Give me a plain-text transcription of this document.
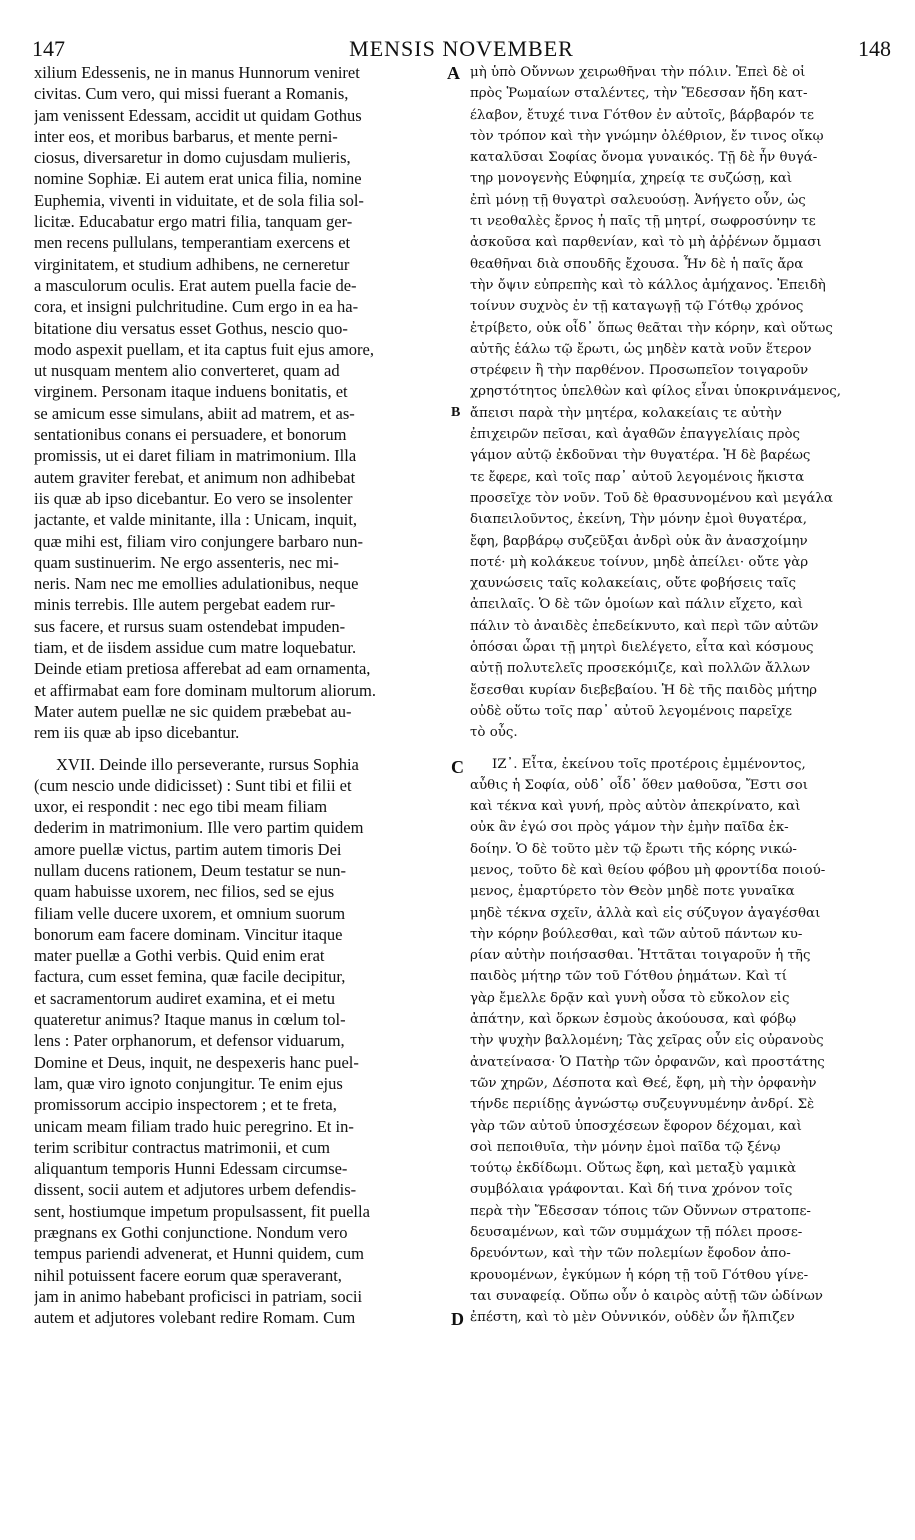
147	MENSIS NOVEMBER	148
xilium Edessenis, ne in manus Hunnorum veniret
civitas. Cum vero, qui missi fuerant a Romanis,
jam venissent Edessam, accidit ut quidam Gothus
inter eos, et moribus barbarus, et mente perni-
ciosus, diversaretur in domo cujusdam mulieris,
nomine Sophiæ. Ei autem erat unica filia, nomine
Euphemia, viventi in viduitate, et de sola filia sol-
licitæ. Educabatur ergo matri filia, tanquam ger-
men recens pullulans, temperantiam exercens et
virginitatem, et studium adhibens, ne cerneretur
a masculorum oculis. Erat autem puella facie de-
cora, et insigni pulchritudine. Cum ergo in ea ha-
bitatione diu versatus esset Gothus, nescio quo-
modo aspexit puellam, et ita captus fuit ejus amore,
ut nusquam mentem alio converteret, quam ad
virginem. Personam itaque induens bonitatis, et
se amicum esse simulans, abiit ad matrem, et as-
sentationibus conans ei persuadere, et bonorum
promissis, ut ei daret filiam in matrimonium. Illa
autem graviter ferebat, et animum non adhibebat
iis quæ ab ipso dicebantur. Eo vero se insolenter
jactante, et valde minitante, illa : Unicam, inquit,
quæ mihi est, filiam viro conjungere barbaro nun-
quam sustinuerim. Ne ergo assenteris, nec mi-
neris. Nam nec me emollies adulationibus, neque
minis terrebis. Ille autem pergebat eadem rur-
sus facere, et rursus suam ostendebat impuden-
tiam, et de iisdem assidue cum matre loquebatur.
Deinde etiam pretiosa afferebat ad eam ornamenta,
et affirmabat eam fore dominam multorum aliorum.
Mater autem puellæ ne sic quidem præbebat au-
rem iis quæ ab ipso dicebantur.
XVII. Deinde illo perseverante, rursus Sophia
(cum nescio unde didicisset) : Sunt tibi et filii et
uxor, ei respondit : nec ego tibi meam filiam
dederim in matrimonium. Ille vero partim quidem
amore puellæ victus, partim autem timoris Dei
nullam ducens rationem, Deum testatur se nun-
quam habuisse uxorem, nec filios, sed se ejus
filiam velle ducere uxorem, et omnium suorum
bonorum eam facere dominam. Vincitur itaque
mater puellæ a Gothi verbis. Quid enim erat
factura, cum esset femina, quæ facile decipitur,
et sacramentorum audiret examina, et ei metu
quateretur animus? Itaque manus in cœlum tol-
lens : Pater orphanorum, et defensor viduarum,
Domine et Deus, inquit, ne despexeris hanc puel-
lam, quæ viro ignoto conjungitur. Te enim ejus
promissorum accipio inspectorem ; et te freta,
unicam meam filiam trado huic peregrino. Et in-
terim scribitur contractus matrimonii, et cum
aliquantum temporis Hunni Edessam circumse-
dissent, socii autem et adjutores urbem defendis-
sent, hostiumque impetum propulsassent, fit puella
prægnans ex Gothi conjunctione. Nondum vero
tempus pariendi advenerat, et Hunni quidem, cum
nihil potuissent facere eorum quæ speraverant,
jam in animo habebant proficisci in patriam, socii
autem et adjutores volebant redire Romam. Cum
μὴ ὑπὸ Οὔννων χειρωθῆναι τὴν πόλιν. Ἐπεὶ δὲ οἱ
πρὸς Ῥωμαίων σταλέντες, τὴν Ἔδεσσαν ἤδη κατ-
έλαβον, ἔτυχέ τινα Γότθον ἐν αὐτοῖς, βάρβαρόν τε
τὸν τρόπον καὶ τὴν γνώμην ὀλέθριον, ἔν τινος οἴκῳ
καταλῦσαι Σοφίας ὄνομα γυναικός. Τῇ δὲ ἦν θυγά-
τηρ μονογενὴς Εὐφημία, χηρείᾳ τε συζώσῃ, καὶ
ἐπὶ μόνῃ τῇ θυγατρὶ σαλευούσῃ. Ἀνήγετο οὖν, ὡς
τι νεοθαλὲς ἔρνος ἡ παῖς τῇ μητρί, σωφροσύνην τε
ἀσκοῦσα καὶ παρθενίαν, καὶ τὸ μὴ ἀῤῥένων ὄμμασι
θεαθῆναι διὰ σπουδῆς ἔχουσα. Ἦν δὲ ἡ παῖς ἄρα
τὴν ὄψιν εὐπρεπὴς καὶ τὸ κάλλος ἀμήχανος. Ἐπειδὴ
τοίνυν συχνὸς ἐν τῇ καταγωγῇ τῷ Γότθῳ χρόνος
ἐτρίβετο, οὐκ οἶδ᾽ ὅπως θεᾶται τὴν κόρην, καὶ οὕτως
αὐτῆς ἑάλω τῷ ἔρωτι, ὡς μηδὲν κατὰ νοῦν ἕτερον
στρέφειν ἢ τὴν παρθένον. Προσωπεῖον τοιγαροῦν
χρηστότητος ὑπελθὼν καὶ φίλος εἶναι ὑποκρινάμενος,
ἄπεισι παρὰ τὴν μητέρα, κολακείαις τε αὐτὴν
ἐπιχειρῶν πεῖσαι, καὶ ἀγαθῶν ἐπαγγελίαις πρὸς
γάμον αὐτῷ ἐκδοῦναι τὴν θυγατέρα. Ἡ δὲ βαρέως
τε ἔφερε, καὶ τοῖς παρ᾽ αὐτοῦ λεγομένοις ἥκιστα
προσεῖχε τὸν νοῦν. Τοῦ δὲ θρασυνομένου καὶ μεγάλα
διαπειλοῦντος, ἐκείνη, Τὴν μόνην ἐμοὶ θυγατέρα,
ἔφη, βαρβάρῳ συζεῦξαι ἀνδρὶ οὐκ ἂν ἀνασχοίμην
ποτέ· μὴ κολάκευε τοίνυν, μηδὲ ἀπείλει· οὔτε γὰρ
χαυνώσεις ταῖς κολακείαις, οὔτε φοβήσεις ταῖς
ἀπειλαῖς. Ὁ δὲ τῶν ὁμοίων καὶ πάλιν εἴχετο, καὶ
πάλιν τὸ ἀναιδὲς ἐπεδείκνυτο, καὶ περὶ τῶν αὐτῶν
ὁπόσαι ὧραι τῇ μητρὶ διελέγετο, εἶτα καὶ κόσμους
αὐτῇ πολυτελεῖς προσεκόμιζε, καὶ πολλῶν ἄλλων
ἔσεσθαι κυρίαν διεβεβαίου. Ἡ δὲ τῆς παιδὸς μήτηρ
οὐδὲ οὕτω τοῖς παρ᾽ αὐτοῦ λεγομένοις παρεῖχε
τὸ οὖς.
ΙΖ᾽. Εἶτα, ἐκείνου τοῖς προτέροις ἐμμένοντος,
αὖθις ἡ Σοφία, οὐδ᾽ οἶδ᾽ ὅθεν μαθοῦσα, Ἔστι σοι
καὶ τέκνα καὶ γυνή, πρὸς αὐτὸν ἀπεκρίνατο, καὶ
οὐκ ἂν ἐγώ σοι πρὸς γάμον τὴν ἐμὴν παῖδα ἐκ-
δοίην. Ὁ δὲ τοῦτο μὲν τῷ ἔρωτι τῆς κόρης νικώ-
μενος, τοῦτο δὲ καὶ θείου φόβου μὴ φροντίδα ποιού-
μενος, ἐμαρτύρετο τὸν Θεὸν μηδὲ ποτε γυναῖκα
μηδὲ τέκνα σχεῖν, ἀλλὰ καὶ εἰς σύζυγον ἀγαγέσθαι
τὴν κόρην βούλεσθαι, καὶ τῶν αὐτοῦ πάντων κυ-
ρίαν αὐτὴν ποιήσασθαι. Ἡττᾶται τοιγαροῦν ἡ τῆς
παιδὸς μήτηρ τῶν τοῦ Γότθου ῥημάτων. Καὶ τί
γὰρ ἔμελλε δρᾷν καὶ γυνὴ οὖσα τὸ εὔκολον εἰς
ἀπάτην, καὶ ὅρκων ἐσμοὺς ἀκούουσα, καὶ φόβῳ
τὴν ψυχὴν βαλλομένη; Τὰς χεῖρας οὖν εἰς οὐρανοὺς
ἀνατείνασα· Ὁ Πατὴρ τῶν ὀρφανῶν, καὶ προστάτης
τῶν χηρῶν, Δέσποτα καὶ Θεέ, ἔφη, μὴ τὴν ὀρφανὴν
τήνδε περιίδῃς ἀγνώστῳ συζευγνυμένην ἀνδρί. Σὲ
γὰρ τῶν αὐτοῦ ὑποσχέσεων ἔφορον δέχομαι, καὶ
σοὶ πεποιθυῖα, τὴν μόνην ἐμοὶ παῖδα τῷ ξένῳ
τούτῳ ἐκδίδωμι. Οὕτως ἔφη, καὶ μεταξὺ γαμικὰ
συμβόλαια γράφονται. Καὶ δή τινα χρόνον τοῖς
περὰ τὴν Ἔδεσσαν τόποις τῶν Οὔννων στρατοπε-
δευσαμένων, καὶ τῶν συμμάχων τῇ πόλει προσε-
δρευόντων, καὶ τὴν τῶν πολεμίων ἔφοδον ἀπο-
κρουομένων, ἐγκύμων ἡ κόρη τῇ τοῦ Γότθου γίνε-
ται συναφείᾳ. Οὔπω οὖν ὁ καιρὸς αὐτῇ τῶν ὠδίνων
ἐπέστη, καὶ τὸ μὲν Οὐννικόν, οὐδὲν ὧν ἤλπιζεν
A
B
C
D
